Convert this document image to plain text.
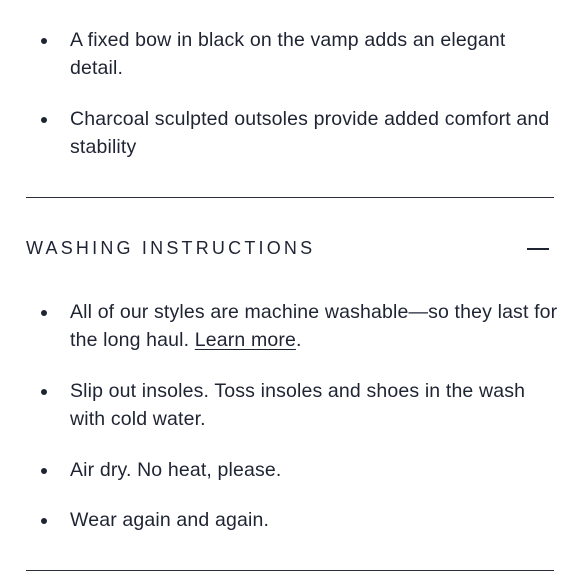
A fixed bow in black on the vamp adds an elegant detail.
Charcoal sculpted outsoles provide added comfort and stability
WASHING INSTRUCTIONS
All of our styles are machine washable—so they last for the long haul. Learn more.
Slip out insoles. Toss insoles and shoes in the wash with cold water.
Air dry. No heat, please.
Wear again and again.
